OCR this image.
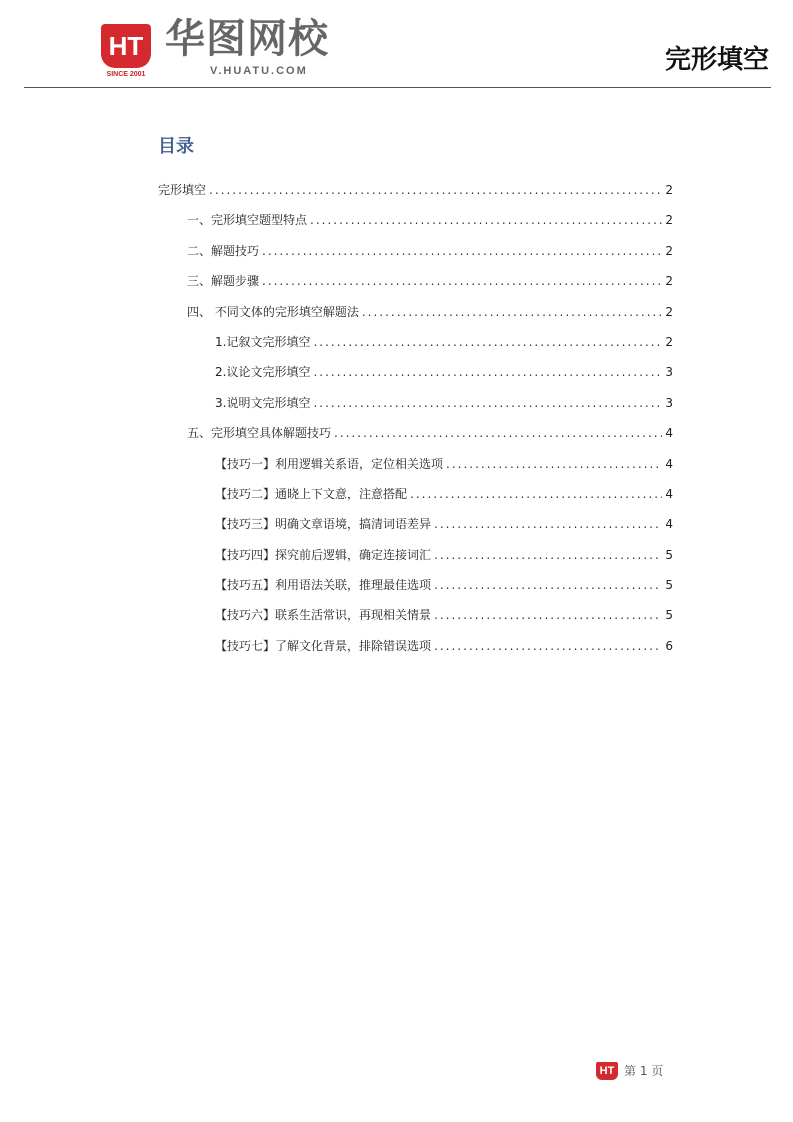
HT
SINCE 2001
华图网校
V.HUATU.COM	完形填空
目录
完形填空 .....	2
一、完形填空题型特点 .....	2
二、解题技巧 .....	2
三、解题步骤 .....	2
四、 不同文体的完形填空解题法 .....	2
1.记叙文完形填空 .....	2
2.议论文完形填空 .....	3
3.说明文完形填空 .....	3
五、完形填空具体解题技巧 .....	4
【技巧一】利用逻辑关系语，定位相关选项 .....	4
【技巧二】通晓上下文意，注意搭配 .....	4
【技巧三】明确文章语境，搞清词语差异 .....	4
【技巧四】探究前后逻辑，确定连接词汇 .....	5
【技巧五】利用语法关联，推理最佳选项 .....	5
【技巧六】联系生活常识，再现相关情景 .....	5
【技巧七】了解文化背景，排除错误选项 .....	6
HT 第 1 页
